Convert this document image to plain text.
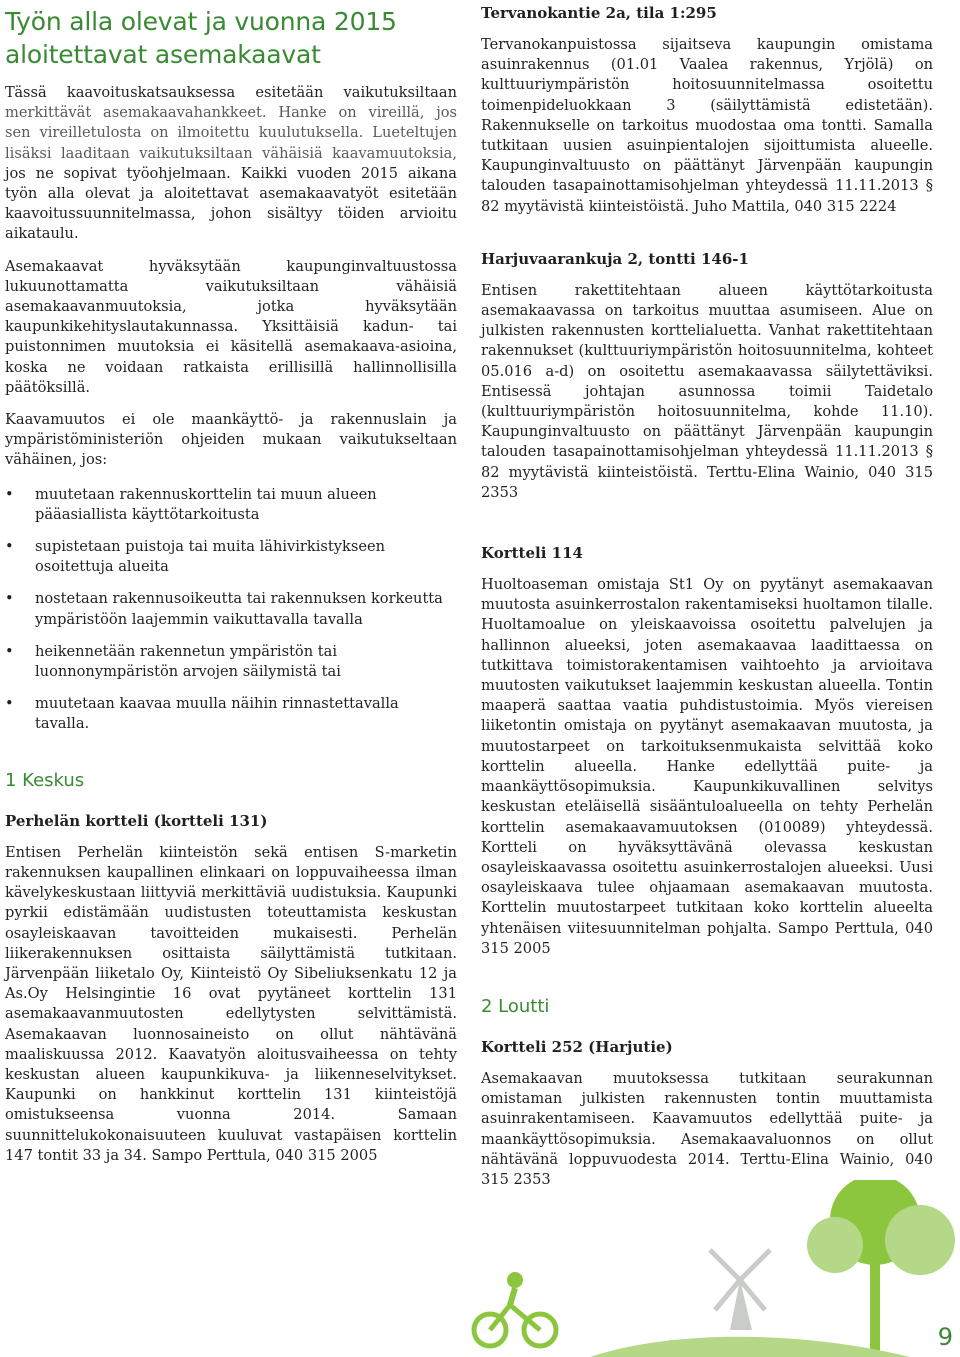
Työn alla olevat ja vuonna 2015
aloitettavat asemakaavat
Tässä kaavoituskatsauksessa esitetään vaikutuksiltaan
merkittävät asemakaavahankkeet. Hanke on vireillä, jos
sen vireilletulosta on ilmoitettu kuulutuksella. Lueteltujen
lisäksi laaditaan vaikutuksiltaan vähäisiä kaavamuutoksia,
jos ne sopivat työohjelmaan. Kaikki vuoden 2015 aikana
työn alla olevat ja aloitettavat asemakaavatyöt esitetään
kaavoitussuunnitelmassa, johon sisältyy töiden arvioitu
aikataulu.

Asemakaavat hyväksytään kaupunginvaltuustossa lukuunottamatta vaikutuksiltaan vähäisiä asemakaavanmuutoksia, jotka hyväksytään kaupunkikehityslautakunnassa. Yksittäisiä kadun- tai puistonnimen muutoksia ei käsitellä asemakaava-asioina, koska ne voidaan ratkaista erillisillä hallinnollisilla päätöksillä.

Kaavamuutos ei ole maankäyttö- ja rakennuslain ja ympäristöministeriön ohjeiden mukaan vaikutukseltaan vähäinen, jos:

• muutetaan rakennuskorttelin tai muun alueen pääasiallista käyttötarkoitusta
• supistetaan puistoja tai muita lähivirkistykseen osoitettuja alueita
• nostetaan rakennusoikeutta tai rakennuksen korkeutta ympäristöön laajemmin vaikuttavalla tavalla
• heikennetään rakennetun ympäristön tai luonnonympäristön arvojen säilymistä tai
• muutetaan kaavaa muulla näihin rinnastettavalla tavalla.
1 Keskus
Perhelän kortteli (kortteli 131)

Entisen Perhelän kiinteistön sekä entisen S-marketin rakennuksen kaupallinen elinkaari on loppuvaiheessa ilman kävelykeskustaan liittyviä merkittäviä uudistuksia. Kaupunki pyrkii edistämään uudistusten toteuttamista keskustan osayleiskaavan tavoitteiden mukaisesti. Perhelän liikerakennuksen osittaista säilyttämistä tutkitaan. Järvenpään liiketalo Oy, Kiinteistö Oy Sibeliuksenkatu 12 ja As.Oy Helsingintie 16 ovat pyytäneet korttelin 131 asemakaavanmuutosten edellytysten selvittämistä. Asemakaavan luonnosaineisto on ollut nähtävänä maaliskuussa 2012. Kaavatyön aloitusvaiheessa on tehty keskustan alueen kaupunkikuva- ja liikenneselvitykset. Kaupunki on hankkinut korttelin 131 kiinteistöjä omistukseensa vuonna 2014. Samaan suunnittelukokonaisuuteen kuuluvat vastapäisen korttelin 147 tontit 33 ja 34. Sampo Perttula, 040 315 2005

Tervanokantie 2a, tila 1:295

Tervanokanpuistossa sijaitseva kaupungin omistama asuinrakennus (01.01 Vaalea rakennus, Yrjölä) on kulttuuriympäristön hoitosuunnitelmassa osoitettu toimenpideluokkaan 3 (säilyttämistä edistetään). Rakennukselle on tarkoitus muodostaa oma tontti. Samalla tutkitaan uusien asuinpientalojen sijoittumista alueelle. Kaupunginvaltuusto on päättänyt Järvenpään kaupungin talouden tasapainottamisohjelman yhteydessä 11.11.2013 § 82 myytävistä kiinteistöistä. Juho Mattila, 040 315 2224

Harjuvaarankuja 2, tontti 146-1

Entisen rakettitehtaan alueen käyttötarkoitusta asemakaavassa on tarkoitus muuttaa asumiseen. Alue on julkisten rakennusten korttelialuetta. Vanhat rakettitehtaan rakennukset (kulttuuriympäristön hoitosuunnitelma, kohteet 05.016 a-d) on osoitettu asemakaavassa säilytettäviksi. Entisessä johtajan asunnossa toimii Taidetalo (kulttuuriympäristön hoitosuunnitelma, kohde 11.10). Kaupunginvaltuusto on päättänyt Järvenpään kaupungin talouden tasapainottamisohjelman yhteydessä 11.11.2013 § 82 myytävistä kiinteistöistä. Terttu-Elina Wainio, 040 315 2353

Kortteli 114

Huoltoaseman omistaja St1 Oy on pyytänyt asemakaavan muutosta asuinkerrostalon rakentamiseksi huoltamon tilalle. Huoltamoalue on yleiskaavoissa osoitettu palvelujen ja hallinnon alueeksi, joten asemakaavaa laadittaessa on tutkittava toimistorakentamisen vaihtoehto ja arvioitava muutosten vaikutukset laajemmin keskustan alueella. Tontin maaperä saattaa vaatia puhdistustoimia. Myös viereisen liiketontin omistaja on pyytänyt asemakaavan muutosta, ja muutostarpeet on tarkoituksenmukaista selvittää koko korttelin alueella. Hanke edellyttää puite- ja maankäyttösopimuksia. Kaupunkikuvallinen selvitys keskustan eteläisellä sisääntuloalueella on tehty Perhelän korttelin asemakaavamuutoksen (010089) yhteydessä. Kortteli on hyväksyttävänä olevassa keskustan osayleiskaavassa osoitettu asuinkerrostalojen alueeksi. Uusi osayleiskaava tulee ohjaamaan asemakaavan muutosta. Korttelin muutostarpeet tutkitaan koko korttelin alueelta yhtenäisen viitesuunnitelman pohjalta. Sampo Perttula, 040 315 2005

2 Loutti
Kortteli 252 (Harjutie)

Asemakaavan muutoksessa tutkitaan seurakunnan omistaman julkisten rakennusten tontin muuttamista asuinrakentamiseen. Kaavamuutos edellyttää puite- ja maankäyttösopimuksia. Asemakaavaluonnos on ollut nähtävänä loppuvuodesta 2014. Terttu-Elina Wainio, 040 315 2353

9
